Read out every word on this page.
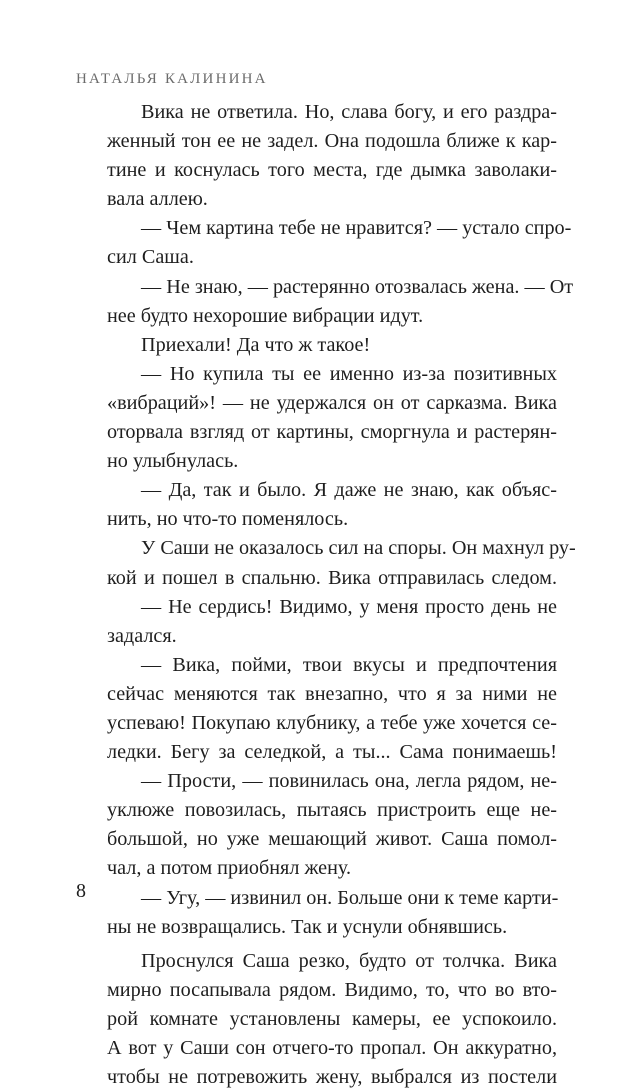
НАТАЛЬЯ КАЛИНИНА
Вика не ответила. Но, слава богу, и его раздра-
женный тон ее не задел. Она подошла ближе к кар-
тине и коснулась того места, где дымка заволаки-
вала аллею.
— Чем картина тебе не нравится? — устало спро-
сил Саша.
— Не знаю, — растерянно отозвалась жена. — От
нее будто нехорошие вибрации идут.
Приехали! Да что ж такое!
— Но купила ты ее именно из-за позитивных
«вибраций»! — не удержался он от сарказма. Вика
оторвала взгляд от картины, сморгнула и растерян-
но улыбнулась.
— Да, так и было. Я даже не знаю, как объяс-
нить, но что-то поменялось.
У Саши не оказалось сил на споры. Он махнул ру-
кой и пошел в спальню. Вика отправилась следом.
— Не сердись! Видимо, у меня просто день не
задался.
— Вика, пойми, твои вкусы и предпочтения
сейчас меняются так внезапно, что я за ними не
успеваю! Покупаю клубнику, а тебе уже хочется се-
ледки. Бегу за селедкой, а ты... Сама понимаешь!
— Прости, — повинилась она, легла рядом, не-
уклюже повозилась, пытаясь пристроить еще не-
большой, но уже мешающий живот. Саша помол-
чал, а потом приобнял жену.
— Угу, — извинил он. Больше они к теме карти-
ны не возвращались. Так и уснули обнявшись.
Проснулся Саша резко, будто от толчка. Вика
мирно посапывала рядом. Видимо, то, что во вто-
рой комнате установлены камеры, ее успокоило.
А вот у Саши сон отчего-то пропал. Он аккуратно,
чтобы не потревожить жену, выбрался из постели
8
